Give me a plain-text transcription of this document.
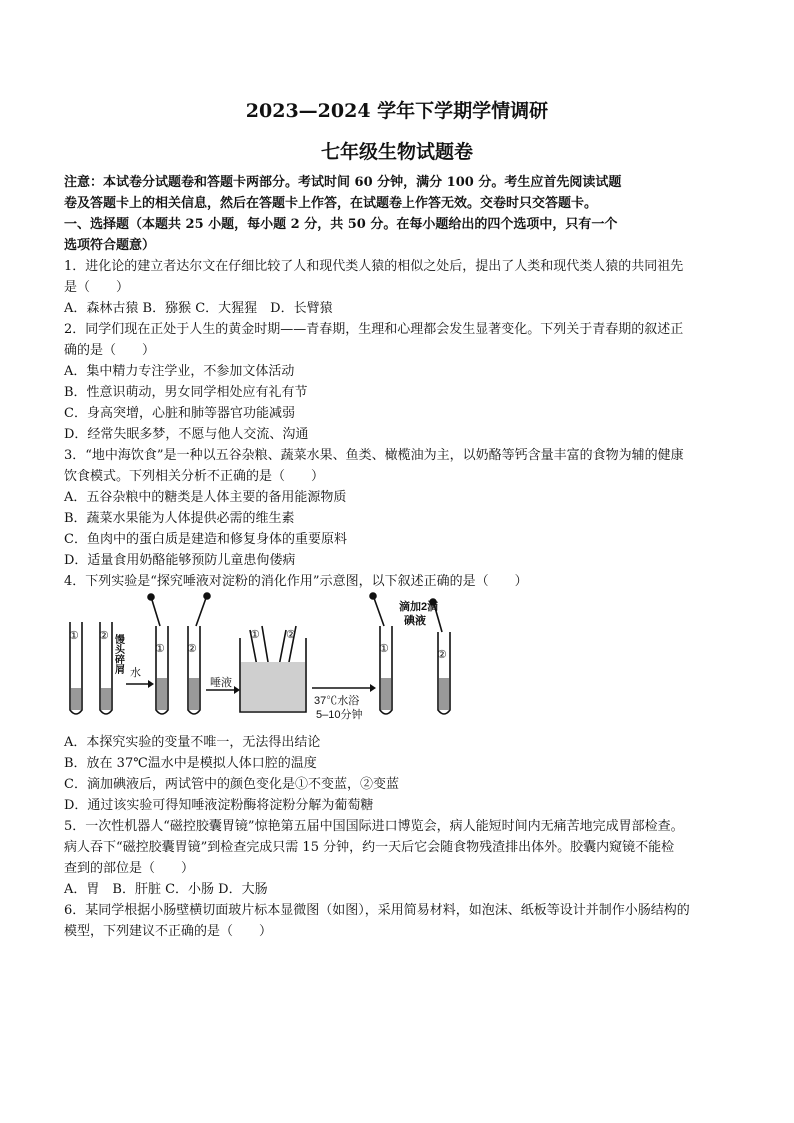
2023—2024 学年下学期学情调研
七年级生物试题卷
注意：本试卷分试题卷和答题卡两部分。考试时间 60 分钟，满分 100 分。考生应首先阅读试题
卷及答题卡上的相关信息，然后在答题卡上作答，在试题卷上作答无效。交卷时只交答题卡。
一、选择题（本题共 25 小题，每小题 2 分，共 50 分。在每小题给出的四个选项中，只有一个
选项符合题意）
1．进化论的建立者达尔文在仔细比较了人和现代类人猿的相似之处后，提出了人类和现代类人猿的共同祖先
是（　　）
A．森林古猿 B．猕猴 C．大猩猩　D．长臂猿
2．同学们现在正处于人生的黄金时期——青春期，生理和心理都会发生显著变化。下列关于青春期的叙述正
确的是（　　）
A．集中精力专注学业，不参加文体活动
B．性意识萌动，男女同学相处应有礼有节
C．身高突增，心脏和肺等器官功能减弱
D．经常失眠多梦，不愿与他人交流、沟通
3．“地中海饮食”是一种以五谷杂粮、蔬菜水果、鱼类、橄榄油为主，以奶酪等钙含量丰富的食物为辅的健康
饮食模式。下列相关分析不正确的是（　　）
A．五谷杂粮中的糖类是人体主要的备用能源物质
B．蔬菜水果能为人体提供必需的维生素
C．鱼肉中的蛋白质是建造和修复身体的重要原料
D．适量食用奶酪能够预防儿童患佝偻病
4．下列实验是“探究唾液对淀粉的消化作用”示意图，以下叙述正确的是（　　）
① ②
① ②
① ②
①	②
水
唾液
37℃水浴
5–10分钟
滴加2滴
碘液
馒头碎屑
A．本探究实验的变量不唯一，无法得出结论
B．放在 37℃温水中是模拟人体口腔的温度
C．滴加碘液后，两试管中的颜色变化是①不变蓝，②变蓝
D．通过该实验可得知唾液淀粉酶将淀粉分解为葡萄糖
5．一次性机器人“磁控胶囊胃镜”惊艳第五届中国国际进口博览会，病人能短时间内无痛苦地完成胃部检查。
病人吞下“磁控胶囊胃镜”到检查完成只需 15 分钟，约一天后它会随食物残渣排出体外。胶囊内窥镜不能检
查到的部位是（　　）
A．胃　B．肝脏 C．小肠 D．大肠
6．某同学根据小肠壁横切面玻片标本显微图（如图），采用简易材料，如泡沫、纸板等设计并制作小肠结构的
模型，下列建议不正确的是（　　）
